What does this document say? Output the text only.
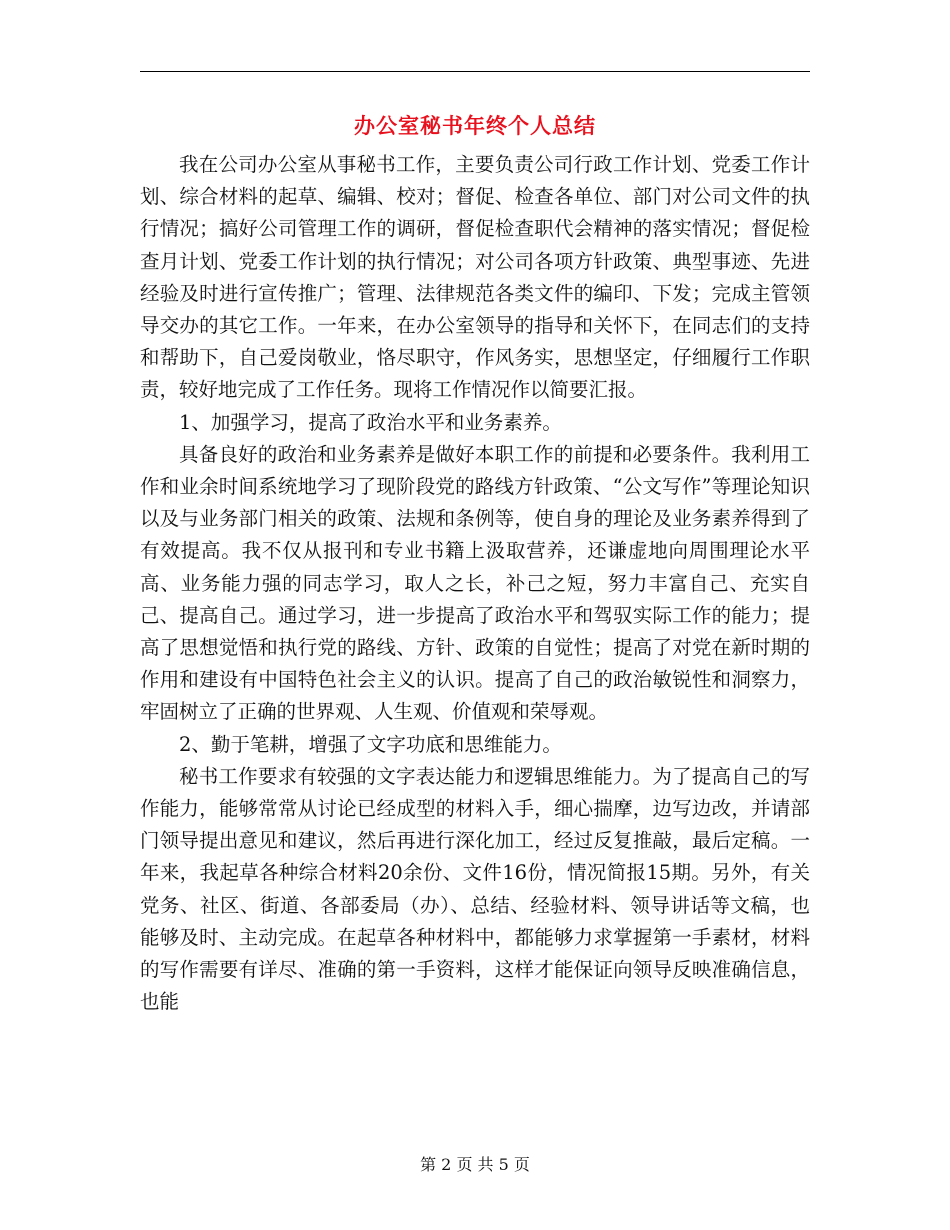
办公室秘书年终个人总结

我在公司办公室从事秘书工作，主要负责公司行政工作计划、党委工作计划、综合材料的起草、编辑、校对；督促、检查各单位、部门对公司文件的执行情况；搞好公司管理工作的调研，督促检查职代会精神的落实情况；督促检查月计划、党委工作计划的执行情况；对公司各项方针政策、典型事迹、先进经验及时进行宣传推广；管理、法律规范各类文件的编印、下发；完成主管领导交办的其它工作。一年来，在办公室领导的指导和关怀下，在同志们的支持和帮助下，自己爱岗敬业，恪尽职守，作风务实，思想坚定，仔细履行工作职责，较好地完成了工作任务。现将工作情况作以简要汇报。

1、加强学习，提高了政治水平和业务素养。

具备良好的政治和业务素养是做好本职工作的前提和必要条件。我利用工作和业余时间系统地学习了现阶段党的路线方针政策、“公文写作”等理论知识以及与业务部门相关的政策、法规和条例等，使自身的理论及业务素养得到了有效提高。我不仅从报刊和专业书籍上汲取营养，还谦虚地向周围理论水平高、业务能力强的同志学习，取人之长，补己之短，努力丰富自己、充实自己、提高自己。通过学习，进一步提高了政治水平和驾驭实际工作的能力；提高了思想觉悟和执行党的路线、方针、政策的自觉性；提高了对党在新时期的作用和建设有中国特色社会主义的认识。提高了自己的政治敏锐性和洞察力，牢固树立了正确的世界观、人生观、价值观和荣辱观。

2、勤于笔耕，增强了文字功底和思维能力。

秘书工作要求有较强的文字表达能力和逻辑思维能力。为了提高自己的写作能力，能够常常从讨论已经成型的材料入手，细心揣摩，边写边改，并请部门领导提出意见和建议，然后再进行深化加工，经过反复推敲，最后定稿。一年来，我起草各种综合材料20余份、文件16份，情况简报15期。另外，有关党务、社区、街道、各部委局（办）、总结、经验材料、领导讲话等文稿，也能够及时、主动完成。在起草各种材料中，都能够力求掌握第一手素材，材料的写作需要有详尽、准确的第一手资料，这样才能保证向领导反映准确信息，也能

第 2 页 共 5 页
